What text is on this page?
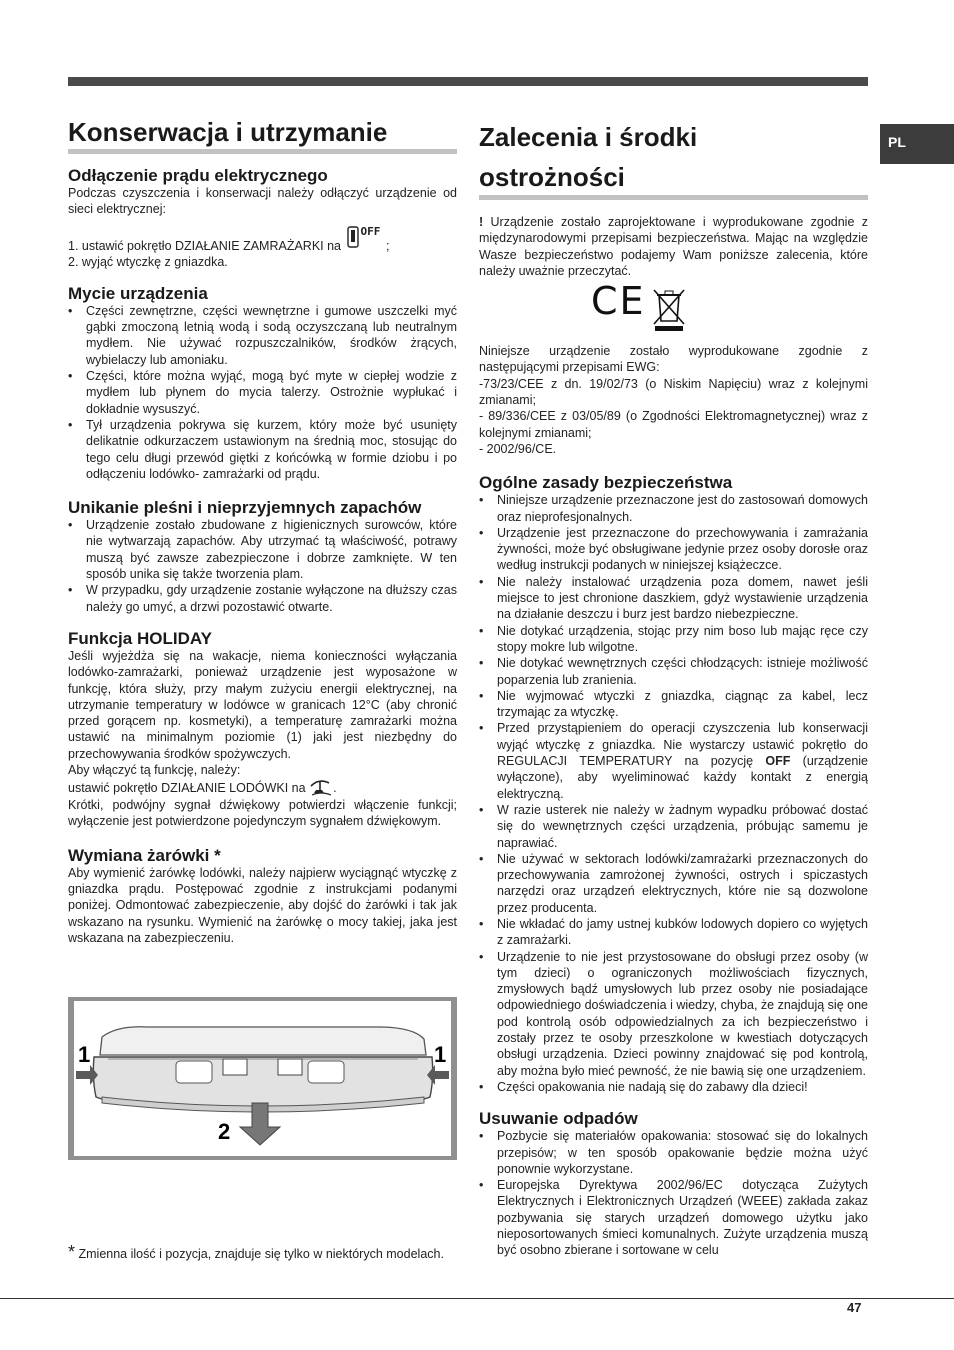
PL
Konserwacja i utrzymanie
Odłączenie prądu elektrycznego

Podczas czyszczenia i konserwacji należy odłączyć urządzenie od sieci elektrycznej:

1. ustawić pokrętło DZIAŁANIE ZAMRAŻARKI na
OFF
;
2. wyjąć wtyczkę z gniazdka.
Mycie urządzenia
• Części zewnętrzne, części wewnętrzne i gumowe uszczelki myć gąbki zmoczoną letnią wodą i sodą oczyszczaną lub neutralnym mydłem. Nie używać rozpuszczalników, środków żrących, wybielaczy lub amoniaku.
• Części, które można wyjąć, mogą być myte w ciepłej wodzie z mydłem lub płynem do mycia talerzy. Ostrożnie wypłukać i dokładnie wysuszyć.
• Tył urządzenia pokrywa się kurzem, który może być usunięty delikatnie odkurzaczem ustawionym na średnią moc, stosując do tego celu długi przewód giętki z końcówką w formie dziobu i po odłączeniu lodówko- zamrażarki od prądu.
Unikanie pleśni i nieprzyjemnych zapachów
• Urządzenie zostało zbudowane z higienicznych surowców, które nie wytwarzają zapachów. Aby utrzymać tą właściwość, potrawy muszą być zawsze zabezpieczone i dobrze zamknięte. W ten sposób unika się także tworzenia plam.
• W przypadku, gdy urządzenie zostanie wyłączone na dłuższy czas należy go umyć, a drzwi pozostawić otwarte.
Funkcja HOLIDAY

Jeśli wyjeżdża się na wakacje, niema konieczności wyłączania lodówko-zamrażarki, ponieważ urządzenie jest wyposażone w funkcję, która służy, przy małym zużyciu energii elektrycznej, na utrzymanie temperatury w lodówce w granicach 12°C (aby chronić przed gorącem np. kosmetyki), a temperaturę zamrażarki można ustawić na minimalnym poziomie (1) jaki jest niezbędny do przechowywania środków spożywczych.

Aby włączyć tą funkcję, należy:

ustawić pokrętło DZIAŁANIE LODÓWKI na .

Krótki, podwójny sygnał dźwiękowy potwierdzi włączenie funkcji; wyłączenie jest potwierdzone pojedynczym sygnałem dźwiękowym.

Wymiana żarówki *

Aby wymienić żarówkę lodówki, należy najpierw wyciągnąć wtyczkę z gniazdka prądu. Postępować zgodnie z instrukcjami podanymi poniżej. Odmontować zabezpieczenie, aby dojść do żarówki i tak jak wskazano na rysunku. Wymienić na żarówkę o mocy takiej, jaka jest wskazana na zabezpieczeniu.

1	1
2
* Zmienna ilość i pozycja, znajduje się tylko w niektórych modelach.
Zalecenia i środki
ostrożności

! Urządzenie zostało zaprojektowane i wyprodukowane zgodnie z międzynarodowymi przepisami bezpieczeństwa. Mając na względzie Wasze bezpieczeństwo podajemy Wam poniższe zalecenia, które należy uważnie przeczytać.

CE

Niniejsze urządzenie zostało wyprodukowane zgodnie z następującymi przepisami EWG:

-73/23/CEE z dn. 19/02/73 (o Niskim Napięciu) wraz z kolejnymi zmianami;

- 89/336/CEE z 03/05/89 (o Zgodności Elektromagnetycznej) wraz z kolejnymi zmianami;

- 2002/96/CE.

Ogólne zasady bezpieczeństwa
• Niniejsze urządzenie przeznaczone jest do zastosowań domowych oraz nieprofesjonalnych.
• Urządzenie jest przeznaczone do przechowywania i zamrażania żywności, może być obsługiwane jedynie przez osoby dorosłe oraz według instrukcji podanych w niniejszej książeczce.
• Nie należy instalować urządzenia poza domem, nawet jeśli miejsce to jest chronione daszkiem, gdyż wystawienie urządzenia na działanie deszczu i burz jest bardzo niebezpieczne.
• Nie dotykać urządzenia, stojąc przy nim boso lub mając ręce czy stopy mokre lub wilgotne.
• Nie dotykać wewnętrznych części chłodzących: istnieje możliwość poparzenia lub zranienia.
• Nie wyjmować wtyczki z gniazdka, ciągnąc za kabel, lecz trzymając za wtyczkę.
• Przed przystąpieniem do operacji czyszczenia lub konserwacji wyjąć wtyczkę z gniazdka. Nie wystarczy ustawić pokrętło do REGULACJI TEMPERATURY na pozycję OFF (urządzenie wyłączone), aby wyeliminować każdy kontakt z energią elektryczną.
• W razie usterek nie należy w żadnym wypadku próbować dostać się do wewnętrznych części urządzenia, próbując samemu je naprawiać.
• Nie używać w sektorach lodówki/zamrażarki przeznaczonych do przechowywania zamrożonej żywności, ostrych i spiczastych narzędzi oraz urządzeń elektrycznych, które nie są dozwolone przez producenta.
• Nie wkładać do jamy ustnej kubków lodowych dopiero co wyjętych z zamrażarki.
• Urządzenie to nie jest przystosowane do obsługi przez osoby (w tym dzieci) o ograniczonych możliwościach fizycznych, zmysłowych bądź umysłowych lub przez osoby nie posiadające odpowiedniego doświadczenia i wiedzy, chyba, że znajdują się one pod kontrolą osób odpowiedzialnych za ich bezpieczeństwo i zostały przez te osoby przeszkolone w kwestiach dotyczących obsługi urządzenia. Dzieci powinny znajdować się pod kontrolą, aby można było mieć pewność, że nie bawią się one urządzeniem.
• Części opakowania nie nadają się do zabawy dla dzieci!
Usuwanie odpadów
• Pozbycie się materiałów opakowania: stosować się do lokalnych przepisów; w ten sposób opakowanie będzie można użyć ponownie wykorzystane.
• Europejska Dyrektywa 2002/96/EC dotycząca Zużytych Elektrycznych i Elektronicznych Urządzeń (WEEE) zakłada zakaz pozbywania się starych urządzeń domowego użytku jako nieposortowanych śmieci komunalnych. Zużyte urządzenia muszą być osobno zbierane i sortowane w celu
47
